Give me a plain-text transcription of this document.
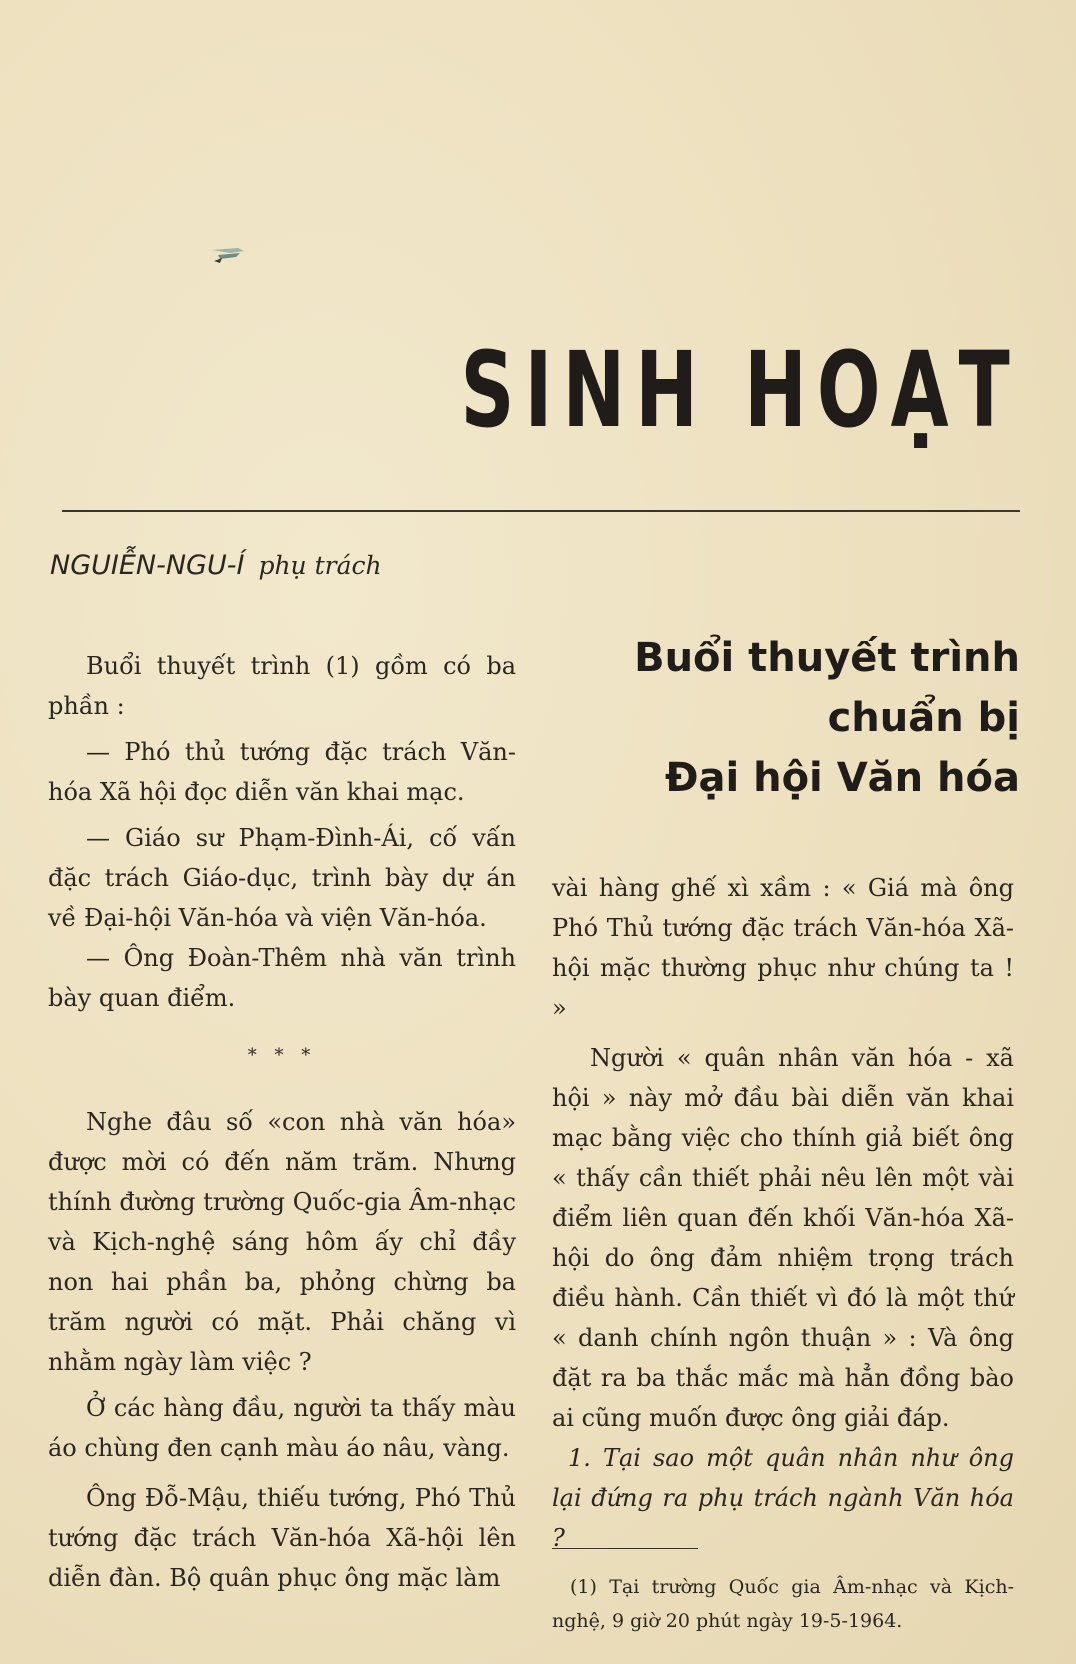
SINH HOẠT
NGUIỄN-NGU-Í phụ trách

Buổi thuyết trình (1) gồm có ba phần :

— Phó thủ tướng đặc trách Văn-hóa Xã hội đọc diễn văn khai mạc.

— Giáo sư Phạm-Đình-Ái, cố vấn đặc trách Giáo-dục, trình bày dự án về Đại-hội Văn-hóa và viện Văn-hóa.

— Ông Đoàn-Thêm nhà văn trình bày quan điểm.

* * *

Nghe đâu số «con nhà văn hóa» được mời có đến năm trăm. Nhưng thính đường trường Quốc-gia Âm-nhạc và Kịch-nghệ sáng hôm ấy chỉ đầy non hai phần ba, phỏng chừng ba trăm người có mặt. Phải chăng vì nhằm ngày làm việc ?

Ở các hàng đầu, người ta thấy màu áo chùng đen cạnh màu áo nâu, vàng.

Ông Đỗ-Mậu, thiếu tướng, Phó Thủ tướng đặc trách Văn-hóa Xã-hội lên diễn đàn. Bộ quân phục ông mặc làm

Buổi thuyết trình
chuẩn bị
Đại hội Văn hóa

vài hàng ghế xì xầm : « Giá mà ông Phó Thủ tướng đặc trách Văn-hóa Xã-hội mặc thường phục như chúng ta ! »

Người « quân nhân văn hóa - xã hội » này mở đầu bài diễn văn khai mạc bằng việc cho thính giả biết ông « thấy cần thiết phải nêu lên một vài điểm liên quan đến khối Văn-hóa Xã-hội do ông đảm nhiệm trọng trách điều hành. Cần thiết vì đó là một thứ « danh chính ngôn thuận » : Và ông đặt ra ba thắc mắc mà hẳn đồng bào ai cũng muốn được ông giải đáp.

1. Tại sao một quân nhân như ông lại đứng ra phụ trách ngành Văn hóa ?

(1) Tại trường Quốc gia Âm-nhạc và Kịch-nghệ, 9 giờ 20 phút ngày 19-5-1964.
